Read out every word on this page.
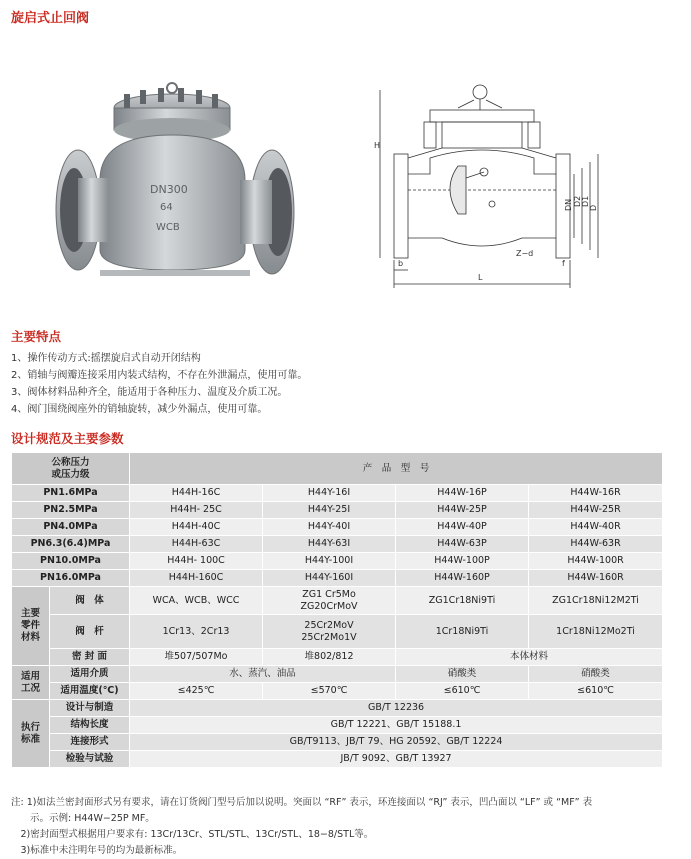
旋启式止回阀
DN300
64
WCB
H
DN D2 D1
D
b
Z−d
f
L
主要特点
1、操作传动方式:摇摆旋启式自动开闭结构
2、销轴与阀瓣连接采用内装式结构，不存在外泄漏点，使用可靠。
3、阀体材料品种齐全，能适用于各种压力、温度及介质工况。
4、阀门围绕阀座外的销轴旋转，减少外漏点，使用可靠。
设计规范及主要参数
公称压力
或压力级		产　品　型　号			
PN1.6MPa		H44H-16C	H44Y-16I	H44W-16P	H44W-16R
PN2.5MPa		H44H- 25C	H44Y-25I	H44W-25P	H44W-25R
PN4.0MPa		H44H-40C	H44Y-40I	H44W-40P	H44W-40R
PN6.3(6.4)MPa		H44H-63C	H44Y-63I	H44W-63P	H44W-63R
PN10.0MPa		H44H- 100C	H44Y-100I	H44W-100P	H44W-100R
PN16.0MPa		H44H-160C	H44Y-160I	H44W-160P	H44W-160R
主要
零件
材料	阀　体	WCA、WCB、WCC	ZG1 Cr5Mo
ZG20CrMoV	ZG1Cr18Ni9Ti	ZG1Cr18Ni12M2Ti
	阀　杆	1Cr13、2Cr13	25Cr2MoV
25Cr2Mo1V	1Cr18Ni9Ti	1Cr18Ni12Mo2Ti
	密 封 面	堆507/507Mo	堆802/812	本体材料	
适用
工况	适用介质	水、蒸汽、油品		硝酸类	硝酸类
	适用温度(℃)	≤425℃	≤570℃	≤610℃	≤610℃
执行
标准	设计与制造	GB/T 12236			
	结构长度	GB/T 12221、GB/T 15188.1			
	连接形式	GB/T9113、JB/T 79、HG 20592、GB/T 12224			
	检验与试验	JB/T 9092、GB/T 13927			
注: 1)如法兰密封面形式另有要求，请在订货阀门型号后加以说明。突面以 “RF” 表示，环连接面以 “RJ” 表示，凹凸面以 “LF” 或 “MF” 表
　　示。示例: H44W−25P MF。
　2)密封面型式根据用户要求有: 13Cr/13Cr、STL/STL、13Cr/STL、18−8/STL等。
　3)标准中未注明年号的均为最新标准。
